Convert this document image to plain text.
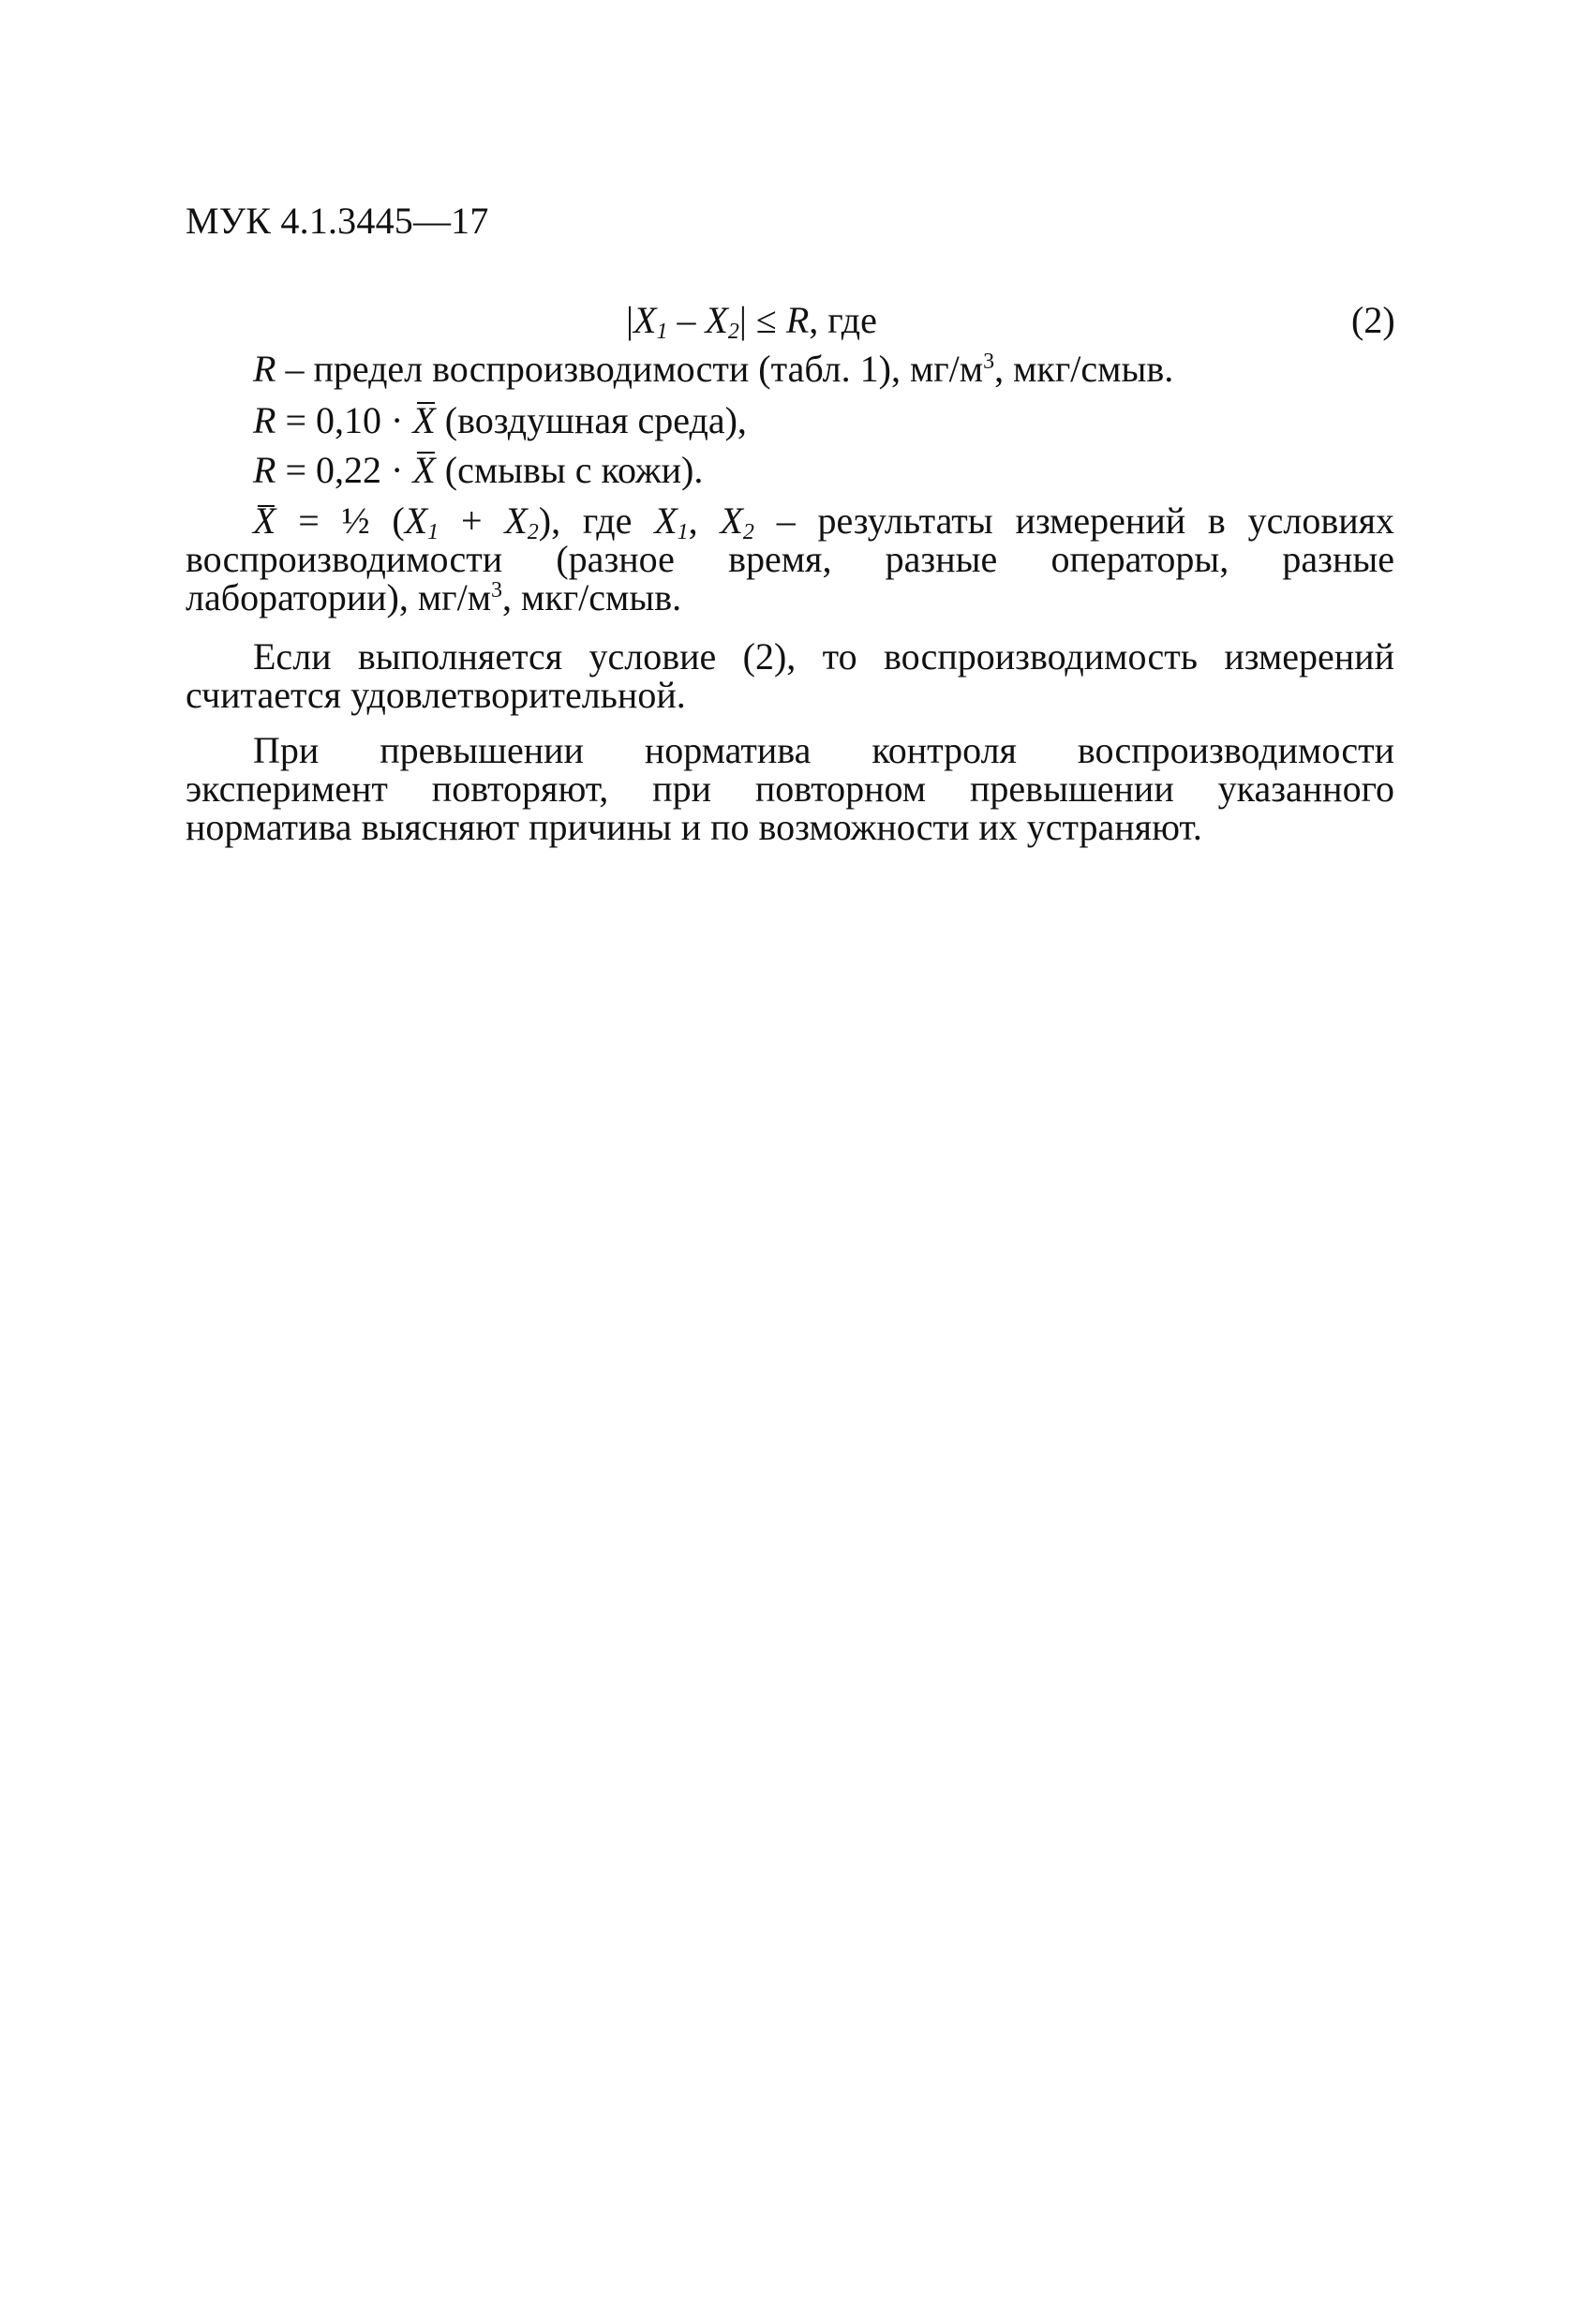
МУК 4.1.3445—17
$|X_1 - X_2| \le R$, где	(2)
R – предел воспроизводимости (табл. 1), $мг/м^3$, мкг/смыв.
R = 0,10 · X (воздушная среда),
R = 0,22 · X (смывы с кожи).

X = ½ $(X_1 + X_2)$, где $X_1$, $X_2$ – результаты измерений в условиях воспроизводимости (разное время, разные операторы, разные лаборатории), $мг/м^3$, мкг/смыв.

Если выполняется условие (2), то воспроизводимость измерений считается удовлетворительной.

При превышении норматива контроля воспроизводимости эксперимент повторяют, при повторном превышении указанного норматива выясняют причины и по возможности их устраняют.
